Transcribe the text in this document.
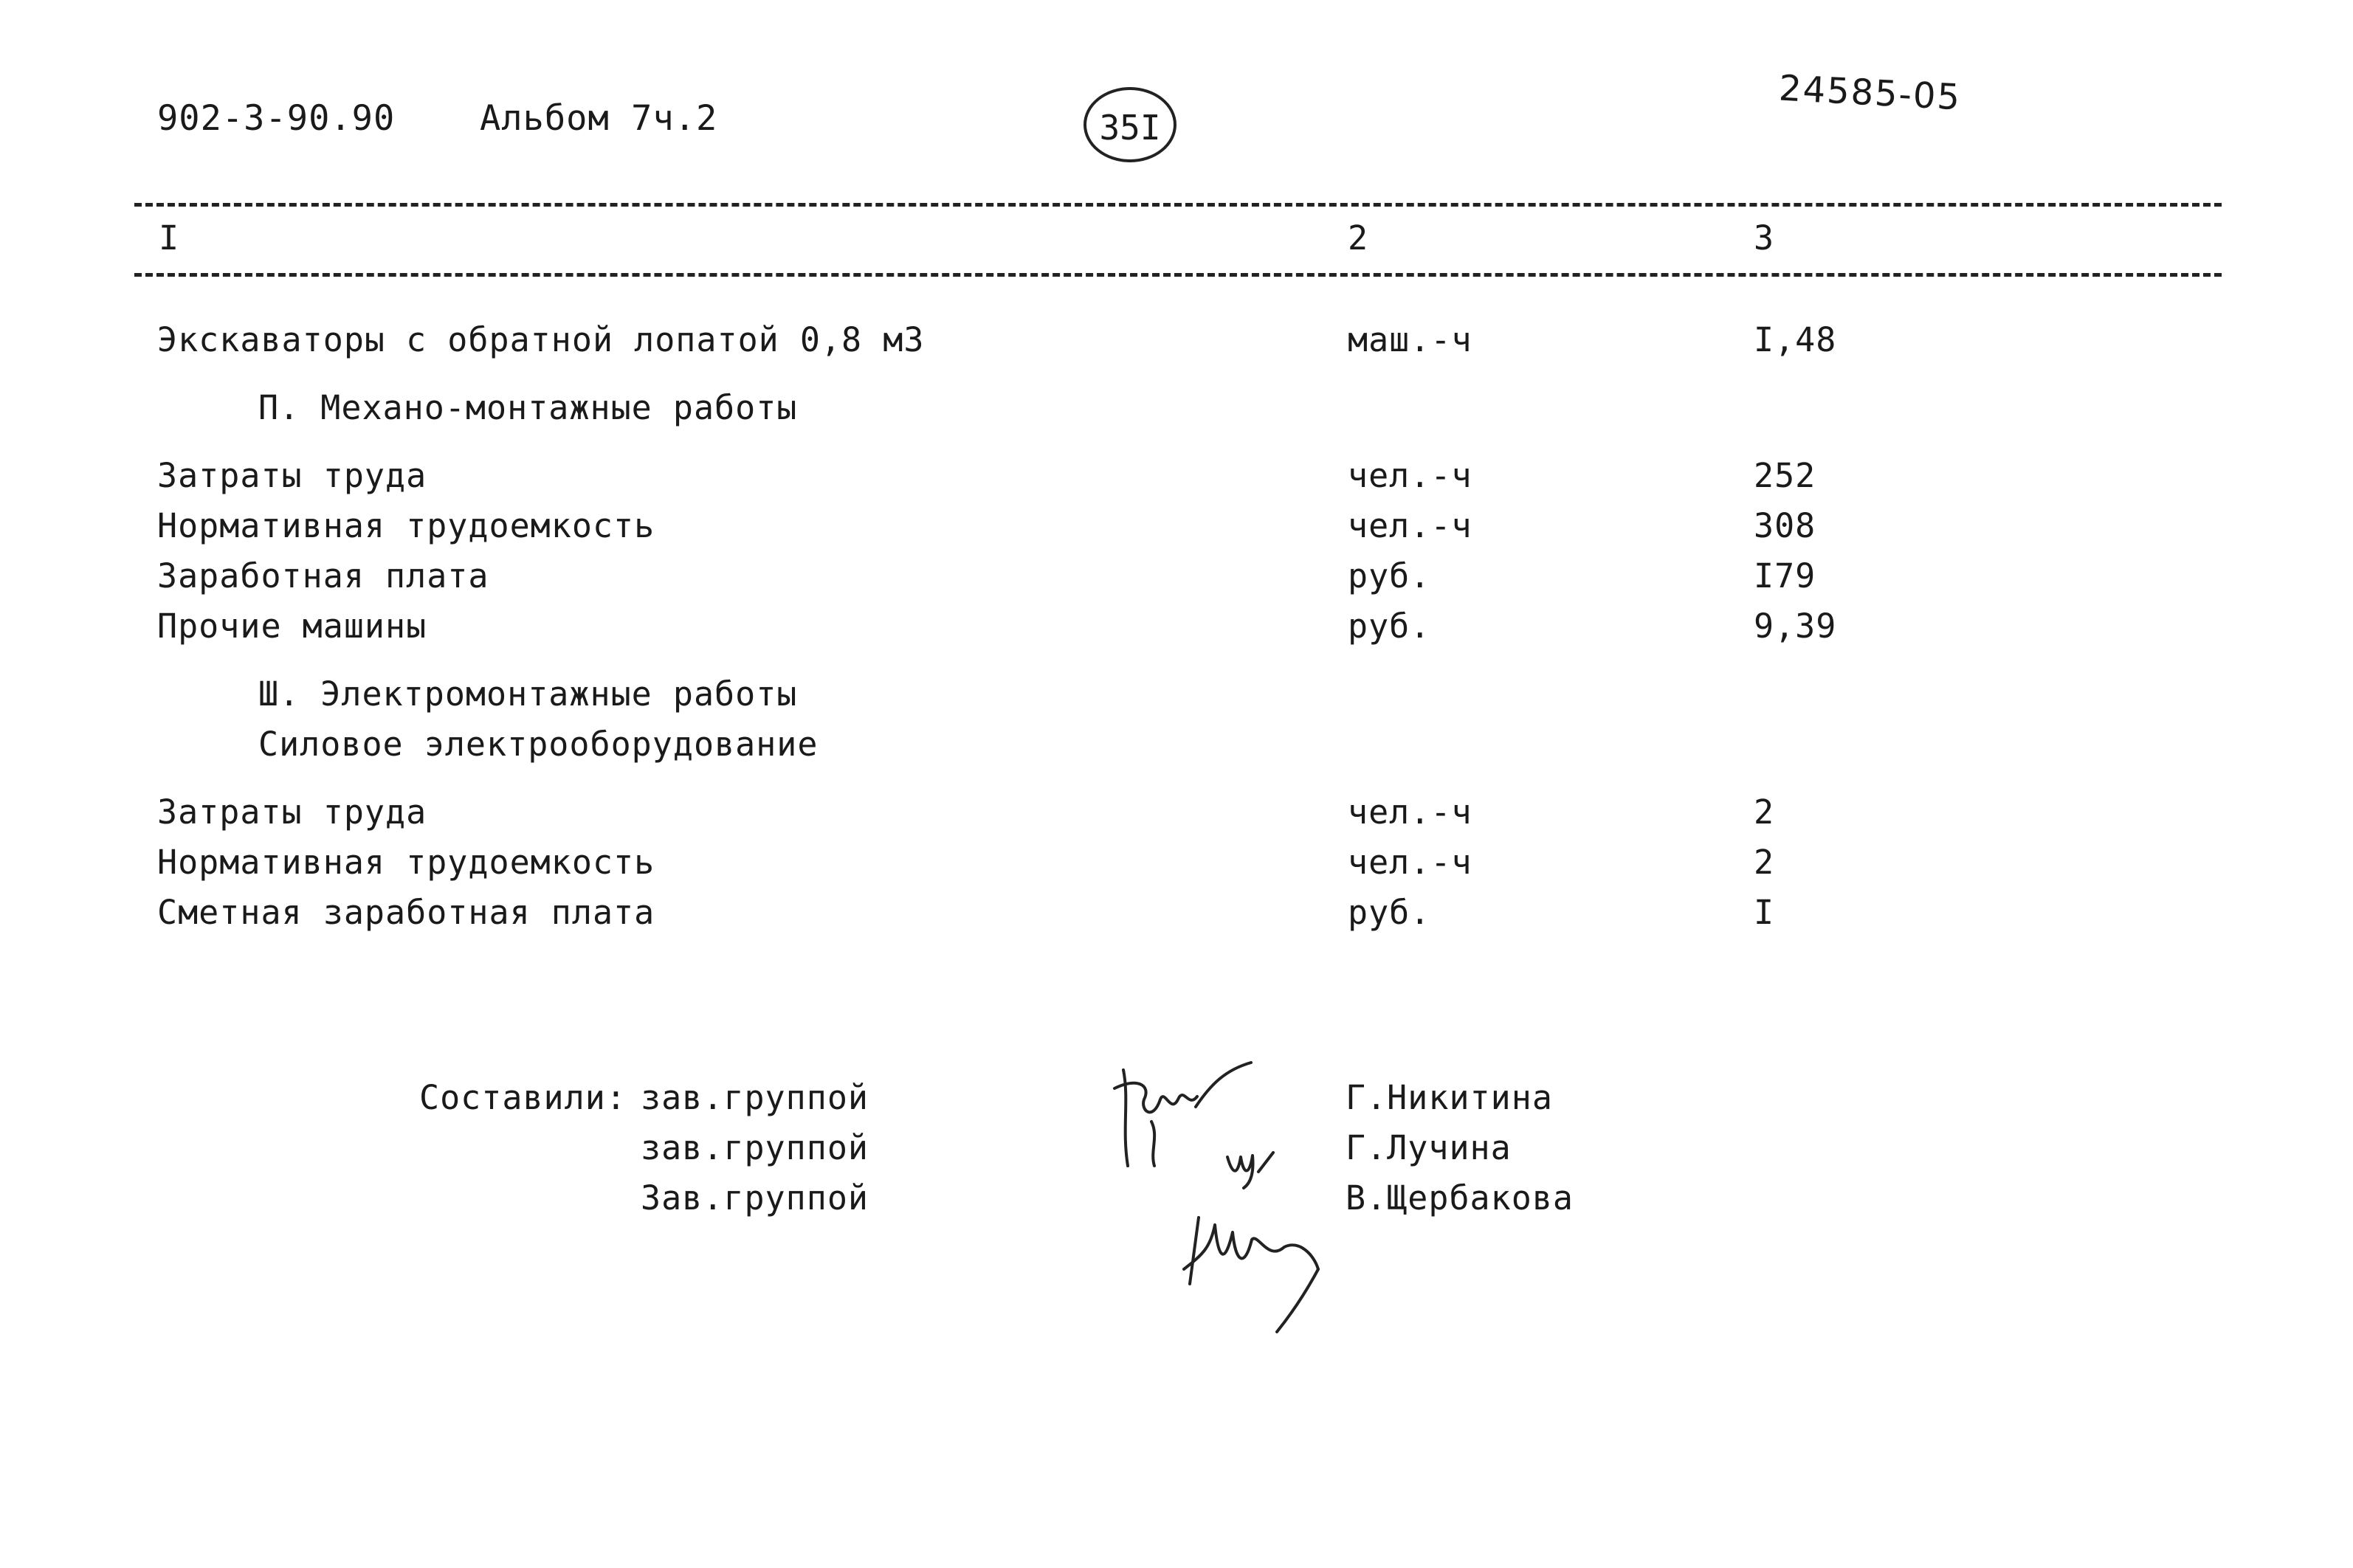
902-3-90.90 Альбом 7ч.2	35I
24585-05
I	2	3
Экскаваторы с обратной лопатой 0,8 м3	маш.-ч	I,48
П. Механо-монтажные работы
Затраты труда	чел.-ч	252
Нормативная трудоемкость	чел.-ч	308
Заработная плата	руб.	I79
Прочие машины	руб.	9,39
Ш. Электромонтажные работы
Силовое электрооборудование
Затраты труда	чел.-ч	2
Нормативная трудоемкость	чел.-ч	2
Сметная заработная плата	руб.	I
Составили: зав.группой
зав.группой
Зав.группой
Г.Никитина
Г.Лучина
В.Щербакова
